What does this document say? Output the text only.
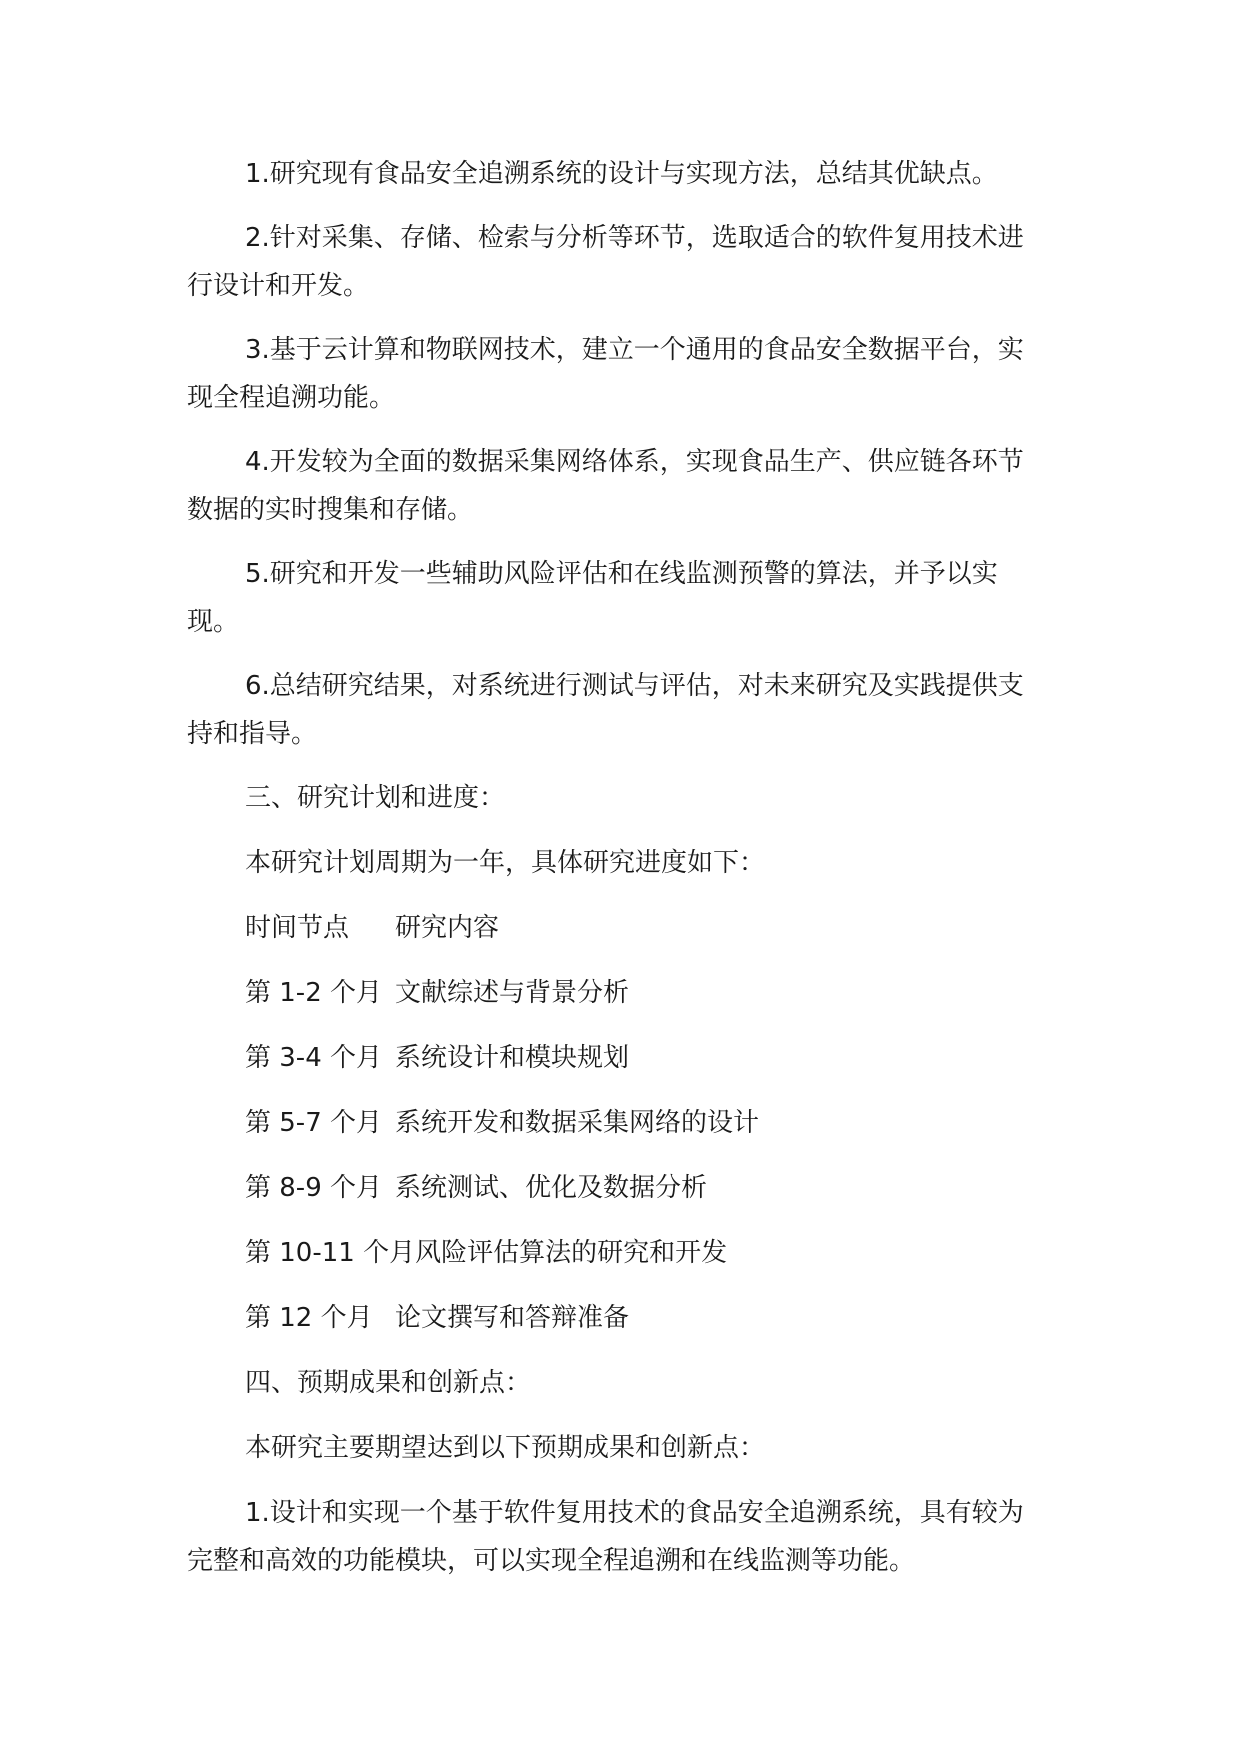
1.研究现有食品安全追溯系统的设计与实现方法，总结其优缺点。

2.针对采集、存储、检索与分析等环节，选取适合的软件复用技术进行设计和开发。

3.基于云计算和物联网技术，建立一个通用的食品安全数据平台，实现全程追溯功能。

4.开发较为全面的数据采集网络体系，实现食品生产、供应链各环节数据的实时搜集和存储。

5.研究和开发一些辅助风险评估和在线监测预警的算法，并予以实现。

6.总结研究结果，对系统进行测试与评估，对未来研究及实践提供支持和指导。

三、研究计划和进度：
本研究计划周期为一年，具体研究进度如下：
时间节点	研究内容
第 1-2 个月 文献综述与背景分析
第 3-4 个月 系统设计和模块规划
第 5-7 个月 系统开发和数据采集网络的设计
第 8-9 个月 系统测试、优化及数据分析
第 10-11 个月 风险评估算法的研究和开发
第 12 个月 论文撰写和答辩准备
四、预期成果和创新点：
本研究主要期望达到以下预期成果和创新点：

1.设计和实现一个基于软件复用技术的食品安全追溯系统，具有较为完整和高效的功能模块，可以实现全程追溯和在线监测等功能。
